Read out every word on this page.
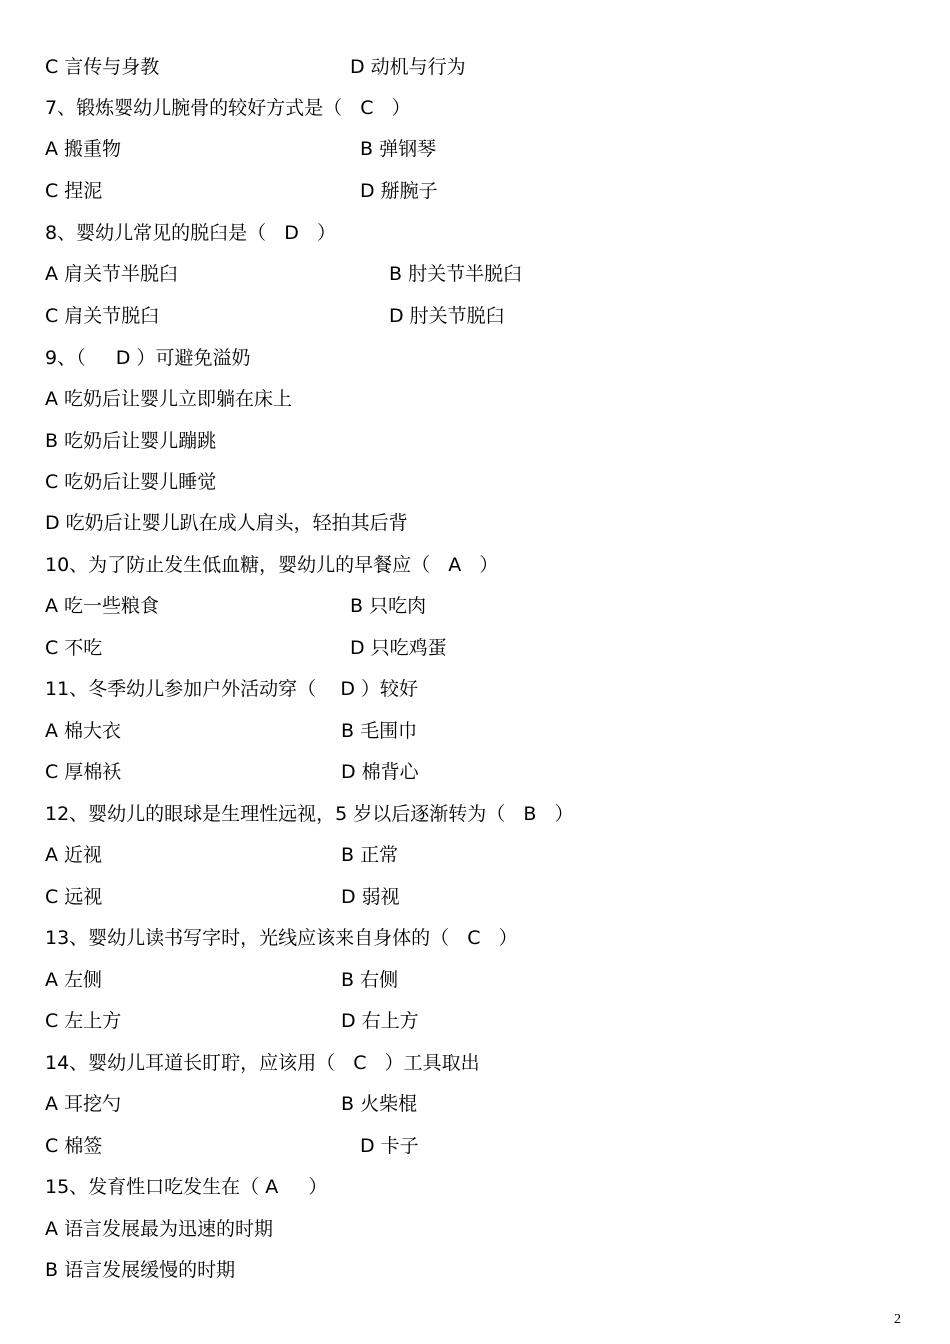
C 言传与身教	D 动机与行为
7、锻炼婴幼儿腕骨的较好方式是（   C   ）
A 搬重物	B 弹钢琴
C 捏泥	D 掰腕子
8、婴幼儿常见的脱臼是（   D   ）
A 肩关节半脱臼	B 肘关节半脱臼
C 肩关节脱臼	D 肘关节脱臼
9、（     D ）可避免溢奶
A 吃奶后让婴儿立即躺在床上
B 吃奶后让婴儿蹦跳
C 吃奶后让婴儿睡觉
D 吃奶后让婴儿趴在成人肩头，轻拍其后背
10、为了防止发生低血糖，婴幼儿的早餐应（   A   ）
A 吃一些粮食	B 只吃肉
C 不吃	D 只吃鸡蛋
11、冬季幼儿参加户外活动穿（    D ）较好
A 棉大衣	B 毛围巾
C 厚棉袄	D 棉背心
12、婴幼儿的眼球是生理性远视，5 岁以后逐渐转为（   B   ）
A 近视	B 正常
C 远视	D 弱视
13、婴幼儿读书写字时，光线应该来自身体的（   C   ）
A 左侧	B 右侧
C 左上方	D 右上方
14、婴幼儿耳道长盯聍，应该用（   C   ）工具取出
A 耳挖勺	B 火柴棍
C 棉签	D 卡子
15、发育性口吃发生在（ A     ）
A 语言发展最为迅速的时期
B 语言发展缓慢的时期
2
